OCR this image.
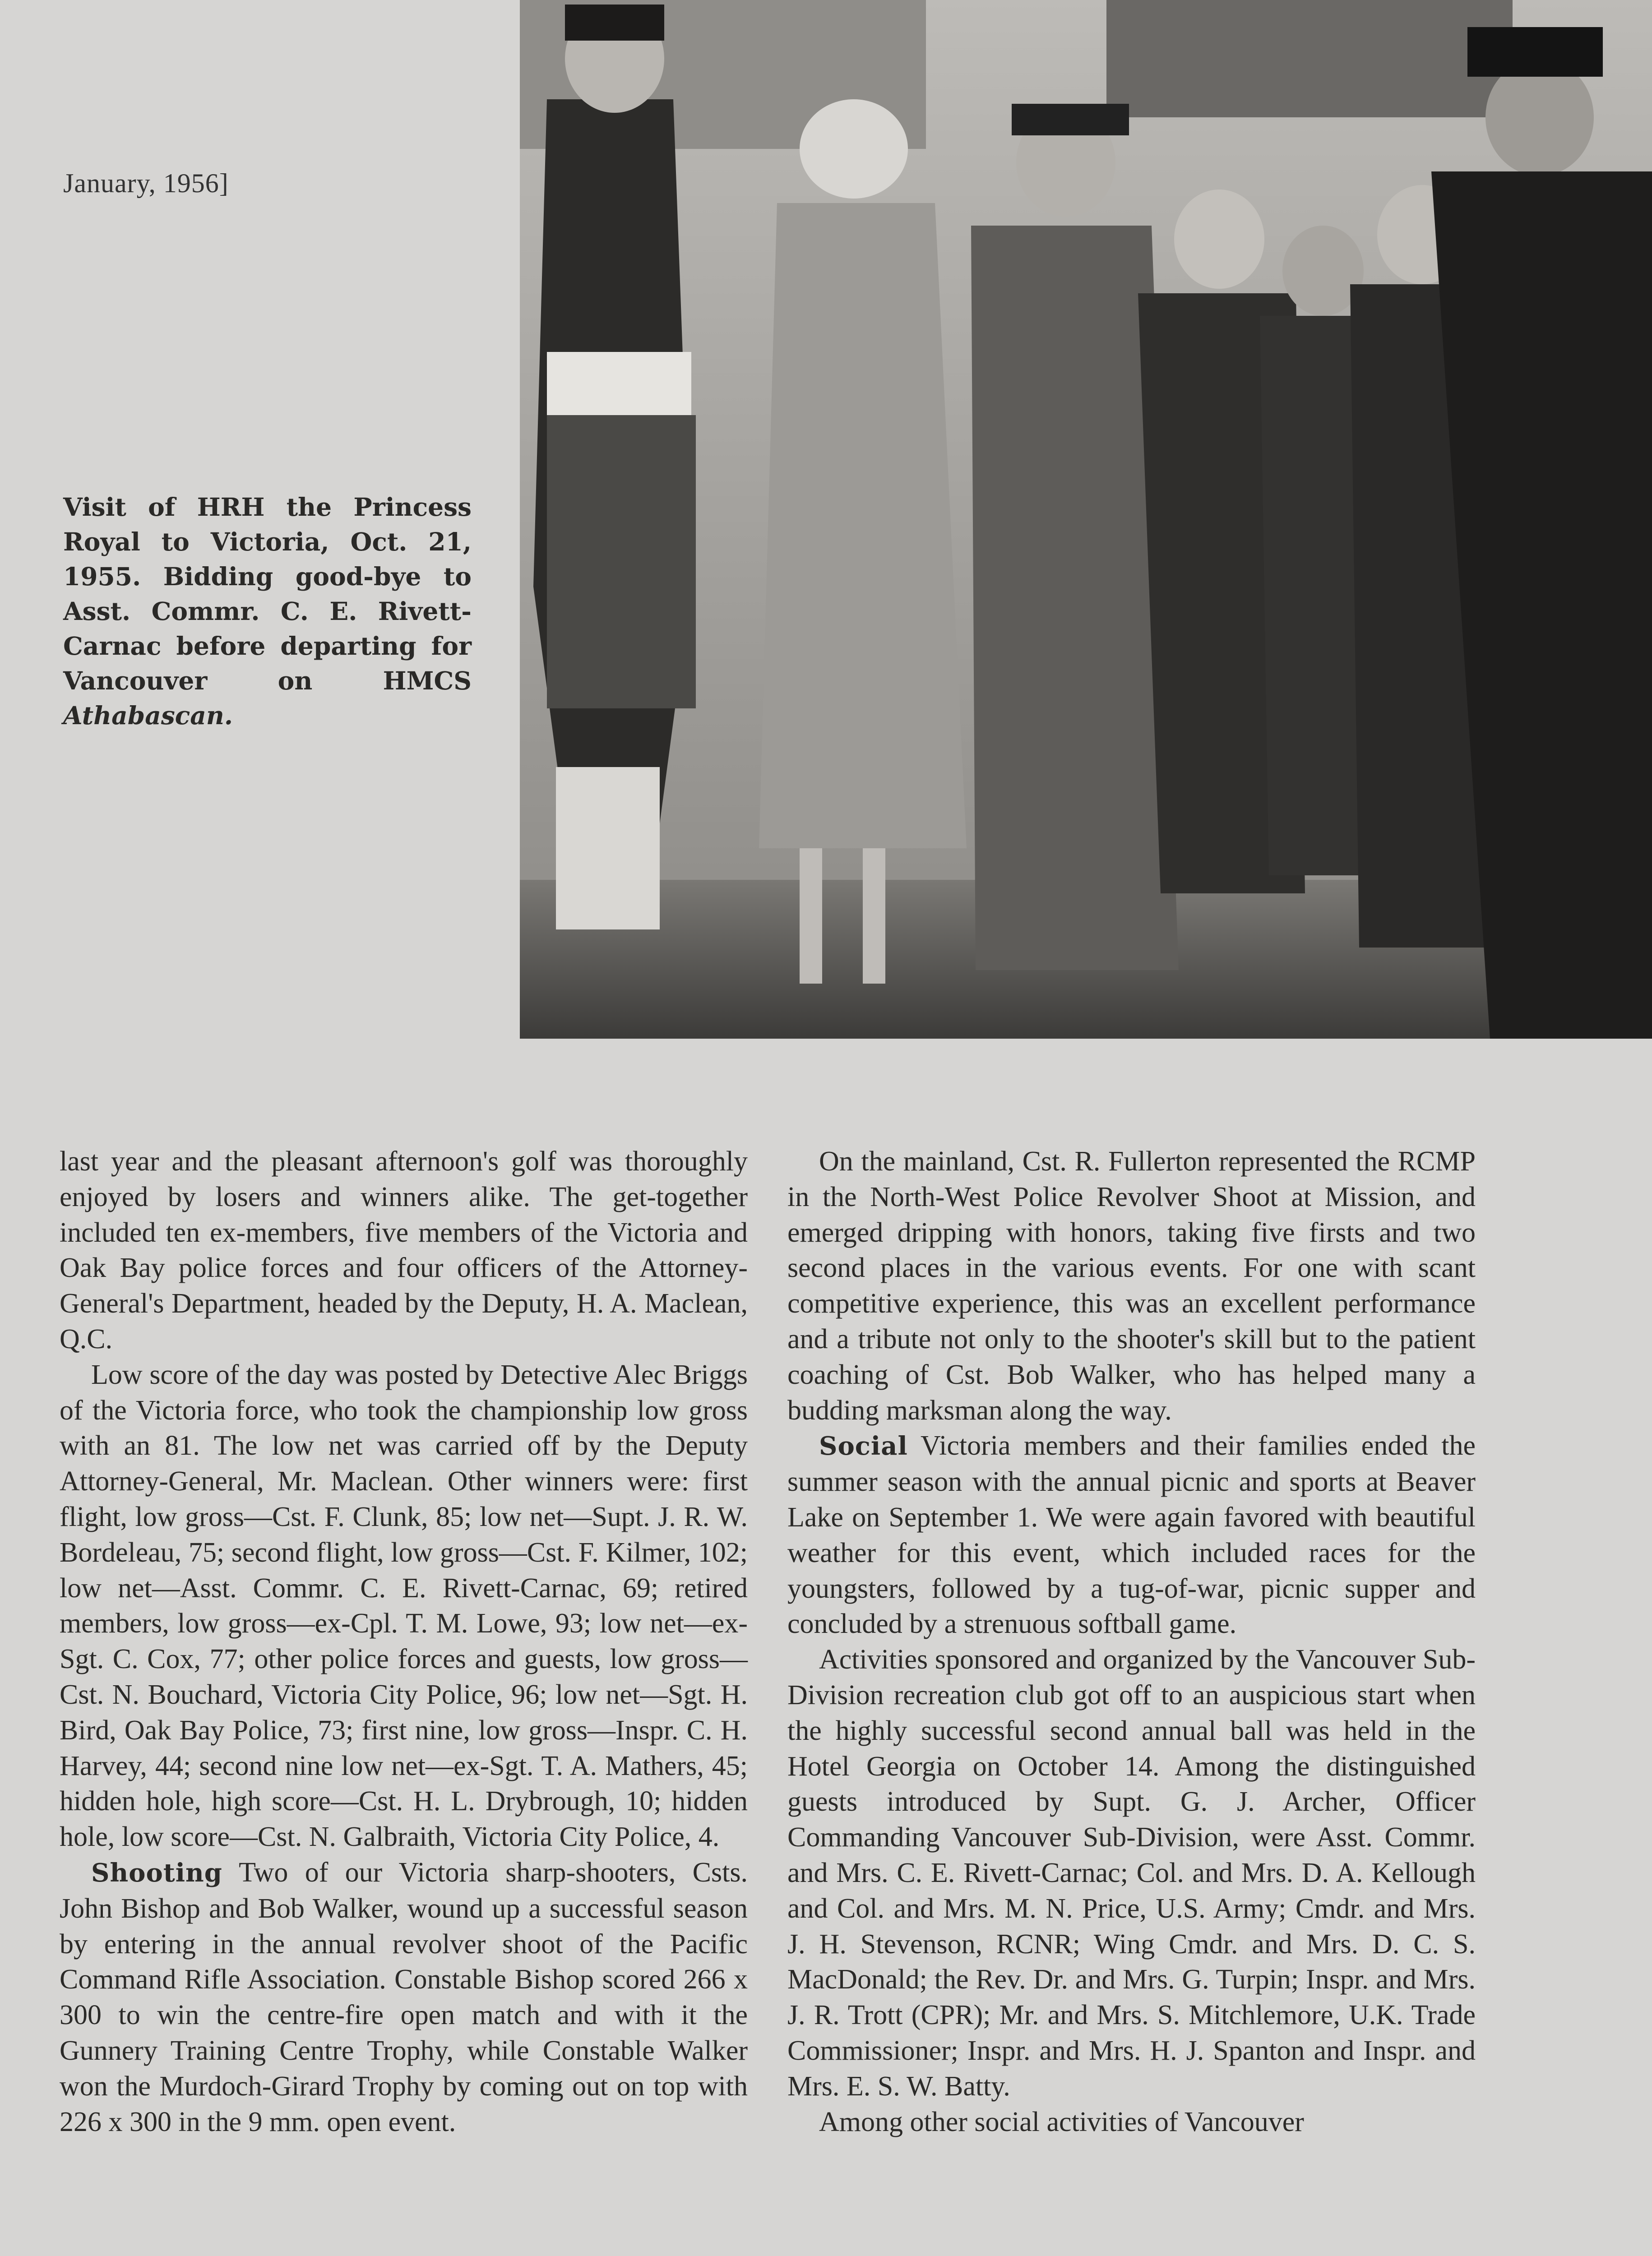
January, 1956]
Visit of HRH the Princess Royal to Victoria, Oct. 21, 1955. Bidding good-bye to Asst. Commr. C. E. Rivett-Carnac before departing for Vancouver on HMCS Athabascan.

last year and the pleasant afternoon's golf was thoroughly enjoyed by losers and winners alike. The get-together included ten ex-members, five members of the Victoria and Oak Bay police forces and four officers of the Attorney-General's Department, headed by the Deputy, H. A. Maclean, Q.C.

Low score of the day was posted by Detective Alec Briggs of the Victoria force, who took the championship low gross with an 81. The low net was carried off by the Deputy Attorney-General, Mr. Maclean. Other winners were: first flight, low gross—Cst. F. Clunk, 85; low net—Supt. J. R. W. Bordeleau, 75; second flight, low gross—Cst. F. Kilmer, 102; low net—Asst. Commr. C. E. Rivett-Carnac, 69; retired members, low gross—ex-Cpl. T. M. Lowe, 93; low net—ex-Sgt. C. Cox, 77; other police forces and guests, low gross—Cst. N. Bouchard, Victoria City Police, 96; low net—Sgt. H. Bird, Oak Bay Police, 73; first nine, low gross—Inspr. C. H. Harvey, 44; second nine low net—ex-Sgt. T. A. Mathers, 45; hidden hole, high score—Cst. H. L. Drybrough, 10; hidden hole, low score—Cst. N. Galbraith, Victoria City Police, 4.

Shooting Two of our Victoria sharp-shooters, Csts. John Bishop and Bob Walker, wound up a successful season by entering in the annual revolver shoot of the Pacific Command Rifle Association. Constable Bishop scored 266 x 300 to win the centre-fire open match and with it the Gunnery Training Centre Trophy, while Constable Walker won the Murdoch-Girard Trophy by coming out on top with 226 x 300 in the 9 mm. open event.

On the mainland, Cst. R. Fullerton represented the RCMP in the North-West Police Revolver Shoot at Mission, and emerged dripping with honors, taking five firsts and two second places in the various events. For one with scant competitive experience, this was an excellent performance and a tribute not only to the shooter's skill but to the patient coaching of Cst. Bob Walker, who has helped many a budding marksman along the way.

Social Victoria members and their families ended the summer season with the annual picnic and sports at Beaver Lake on September 1. We were again favored with beautiful weather for this event, which included races for the youngsters, followed by a tug-of-war, picnic supper and concluded by a strenuous softball game.

Activities sponsored and organized by the Vancouver Sub-Division recreation club got off to an auspicious start when the highly successful second annual ball was held in the Hotel Georgia on October 14. Among the distinguished guests introduced by Supt. G. J. Archer, Officer Commanding Vancouver Sub-Division, were Asst. Commr. and Mrs. C. E. Rivett-Carnac; Col. and Mrs. D. A. Kellough and Col. and Mrs. M. N. Price, U.S. Army; Cmdr. and Mrs. J. H. Stevenson, RCNR; Wing Cmdr. and Mrs. D. C. S. MacDonald; the Rev. Dr. and Mrs. G. Turpin; Inspr. and Mrs. J. R. Trott (CPR); Mr. and Mrs. S. Mitchlemore, U.K. Trade Commissioner; Inspr. and Mrs. H. J. Spanton and Inspr. and Mrs. E. S. W. Batty.

Among other social activities of Vancouver
